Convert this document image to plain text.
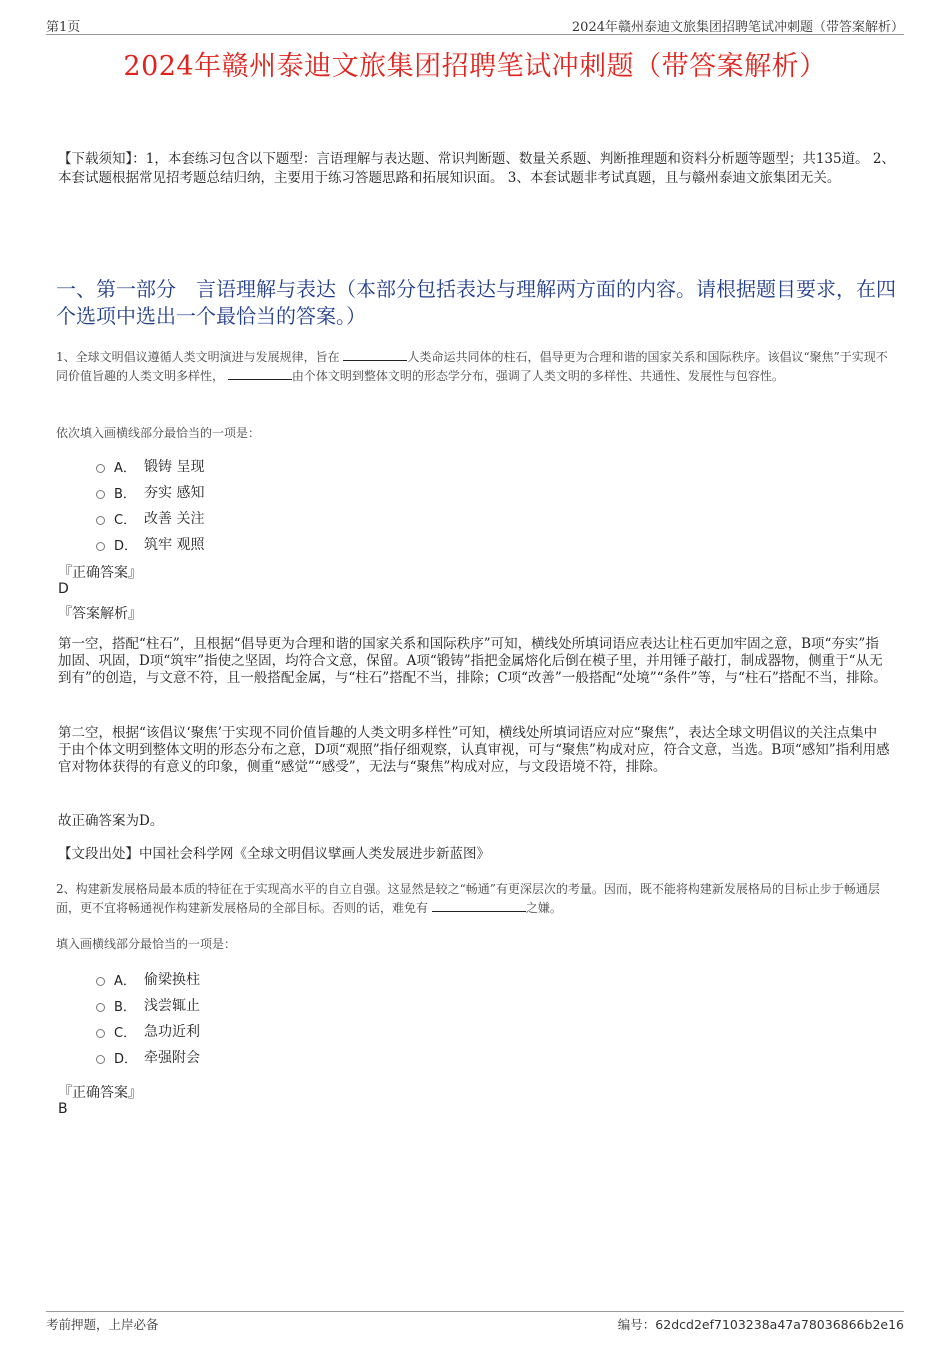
第1页	2024年赣州泰迪文旅集团招聘笔试冲刺题（带答案解析）
2024年赣州泰迪文旅集团招聘笔试冲刺题（带答案解析）
【下载须知】：1，本套练习包含以下题型：言语理解与表达题、常识判断题、数量关系题、判断推理题和资料分析题等题型；共135道。 2、本套试题根据常见招考题总结归纳，主要用于练习答题思路和拓展知识面。 3、本套试题非考试真题，且与赣州泰迪文旅集团无关。
一、第一部分　言语理解与表达（本部分包括表达与理解两方面的内容。请根据题目要求，在四个选项中选出一个最恰当的答案。）
1、全球文明倡议遵循人类文明演进与发展规律，旨在	人类命运共同体的柱石，倡导更为合理和谐的国家关系和国际秩序。该倡议“聚焦”于实现不同价值旨趣的人类文明多样性，	由个体文明到整体文明的形态学分布，强调了人类文明的多样性、共通性、发展性与包容性。
依次填入画横线部分最恰当的一项是：
A． 锻铸 呈现
B． 夯实 感知
C． 改善 关注
D． 筑牢 观照
『正确答案』
D
『答案解析』
第一空，搭配“柱石”，且根据“倡导更为合理和谐的国家关系和国际秩序”可知，横线处所填词语应表达让柱石更加牢固之意，B项“夯实”指加固、巩固，D项“筑牢”指使之坚固，均符合文意，保留。A项“锻铸”指把金属熔化后倒在模子里，并用锤子敲打，制成器物，侧重于“从无到有”的创造，与文意不符，且一般搭配金属，与“柱石”搭配不当，排除；C项“改善”一般搭配“处境”“条件”等，与“柱石”搭配不当，排除。
第二空，根据“该倡议‘聚焦’于实现不同价值旨趣的人类文明多样性”可知，横线处所填词语应对应“聚焦”，表达全球文明倡议的关注点集中于由个体文明到整体文明的形态分布之意，D项“观照”指仔细观察，认真审视，可与“聚焦”构成对应，符合文意，当选。B项“感知”指利用感官对物体获得的有意义的印象，侧重“感觉”“感受”，无法与“聚焦”构成对应，与文段语境不符，排除。
故正确答案为D。
【文段出处】中国社会科学网《全球文明倡议擘画人类发展进步新蓝图》
2、构建新发展格局最本质的特征在于实现高水平的自立自强。这显然是较之“畅通”有更深层次的考量。因而，既不能将构建新发展格局的目标止步于畅通层面，更不宜将畅通视作构建新发展格局的全部目标。否则的话，难免有	之嫌。
填入画横线部分最恰当的一项是：
A． 偷梁换柱
B． 浅尝辄止
C． 急功近利
D． 牵强附会
『正确答案』
B
考前押题，上岸必备	编号：62dcd2ef7103238a47a78036866b2e16
